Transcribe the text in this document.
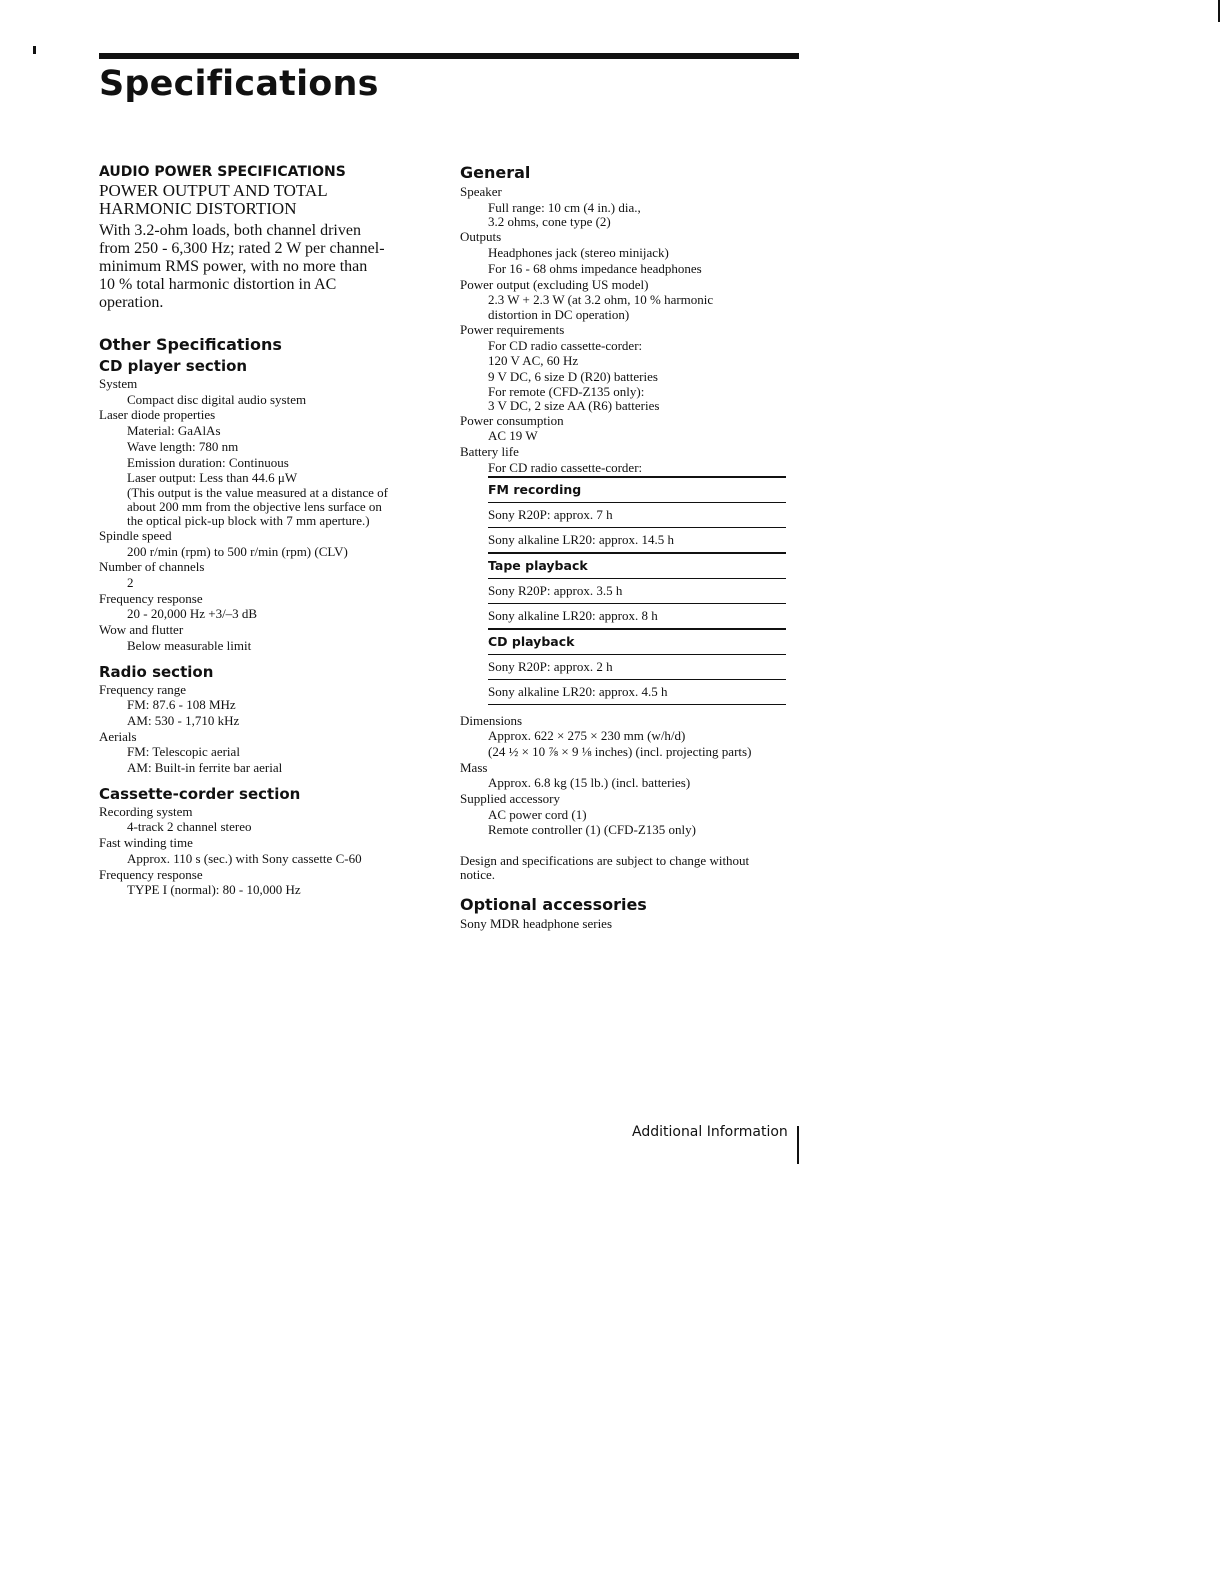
Specifications
AUDIO POWER SPECIFICATIONS
POWER OUTPUT AND TOTAL
HARMONIC DISTORTION
With 3.2-ohm loads, both channel driven
from 250 - 6,300 Hz; rated 2 W per channel-
minimum RMS power, with no more than
10 % total harmonic distortion in AC
operation.
Other Specifications
CD player section
System
Compact disc digital audio system
Laser diode properties
Material: GaAlAs
Wave length: 780 nm
Emission duration: Continuous
Laser output: Less than 44.6 μW
(This output is the value measured at a distance of
about 200 mm from the objective lens surface on
the optical pick-up block with 7 mm aperture.)
Spindle speed
200 r/min (rpm) to 500 r/min (rpm) (CLV)
Number of channels
2
Frequency response
20 - 20,000 Hz +3/–3 dB
Wow and flutter
Below measurable limit
Radio section
Frequency range
FM: 87.6 - 108 MHz
AM: 530 - 1,710 kHz
Aerials
FM: Telescopic aerial
AM: Built-in ferrite bar aerial
Cassette-corder section
Recording system
4-track 2 channel stereo
Fast winding time
Approx. 110 s (sec.) with Sony cassette C-60
Frequency response
TYPE I (normal): 80 - 10,000 Hz
General
Speaker
Full range: 10 cm (4 in.) dia.,
3.2 ohms, cone type (2)
Outputs
Headphones jack (stereo minijack)
For 16 - 68 ohms impedance headphones
Power output (excluding US model)
2.3 W + 2.3 W (at 3.2 ohm, 10 % harmonic
distortion in DC operation)
Power requirements
For CD radio cassette-corder:
120 V AC, 60 Hz
9 V DC, 6 size D (R20) batteries
For remote (CFD-Z135 only):
3 V DC, 2 size AA (R6) batteries
Power consumption
AC 19 W
Battery life
For CD radio cassette-corder:
FM recording
Sony R20P: approx. 7 h
Sony alkaline LR20: approx. 14.5 h
Tape playback
Sony R20P: approx. 3.5 h
Sony alkaline LR20: approx. 8 h
CD playback
Sony R20P: approx. 2 h
Sony alkaline LR20: approx. 4.5 h
Dimensions
Approx. 622 × 275 × 230 mm (w/h/d)
(24 ½ × 10 ⅞ × 9 ⅛ inches) (incl. projecting parts)
Mass
Approx. 6.8 kg (15 lb.) (incl. batteries)
Supplied accessory
AC power cord (1)
Remote controller (1) (CFD-Z135 only)
Design and specifications are subject to change without
notice.
Optional accessories
Sony MDR headphone series
Additional Information
